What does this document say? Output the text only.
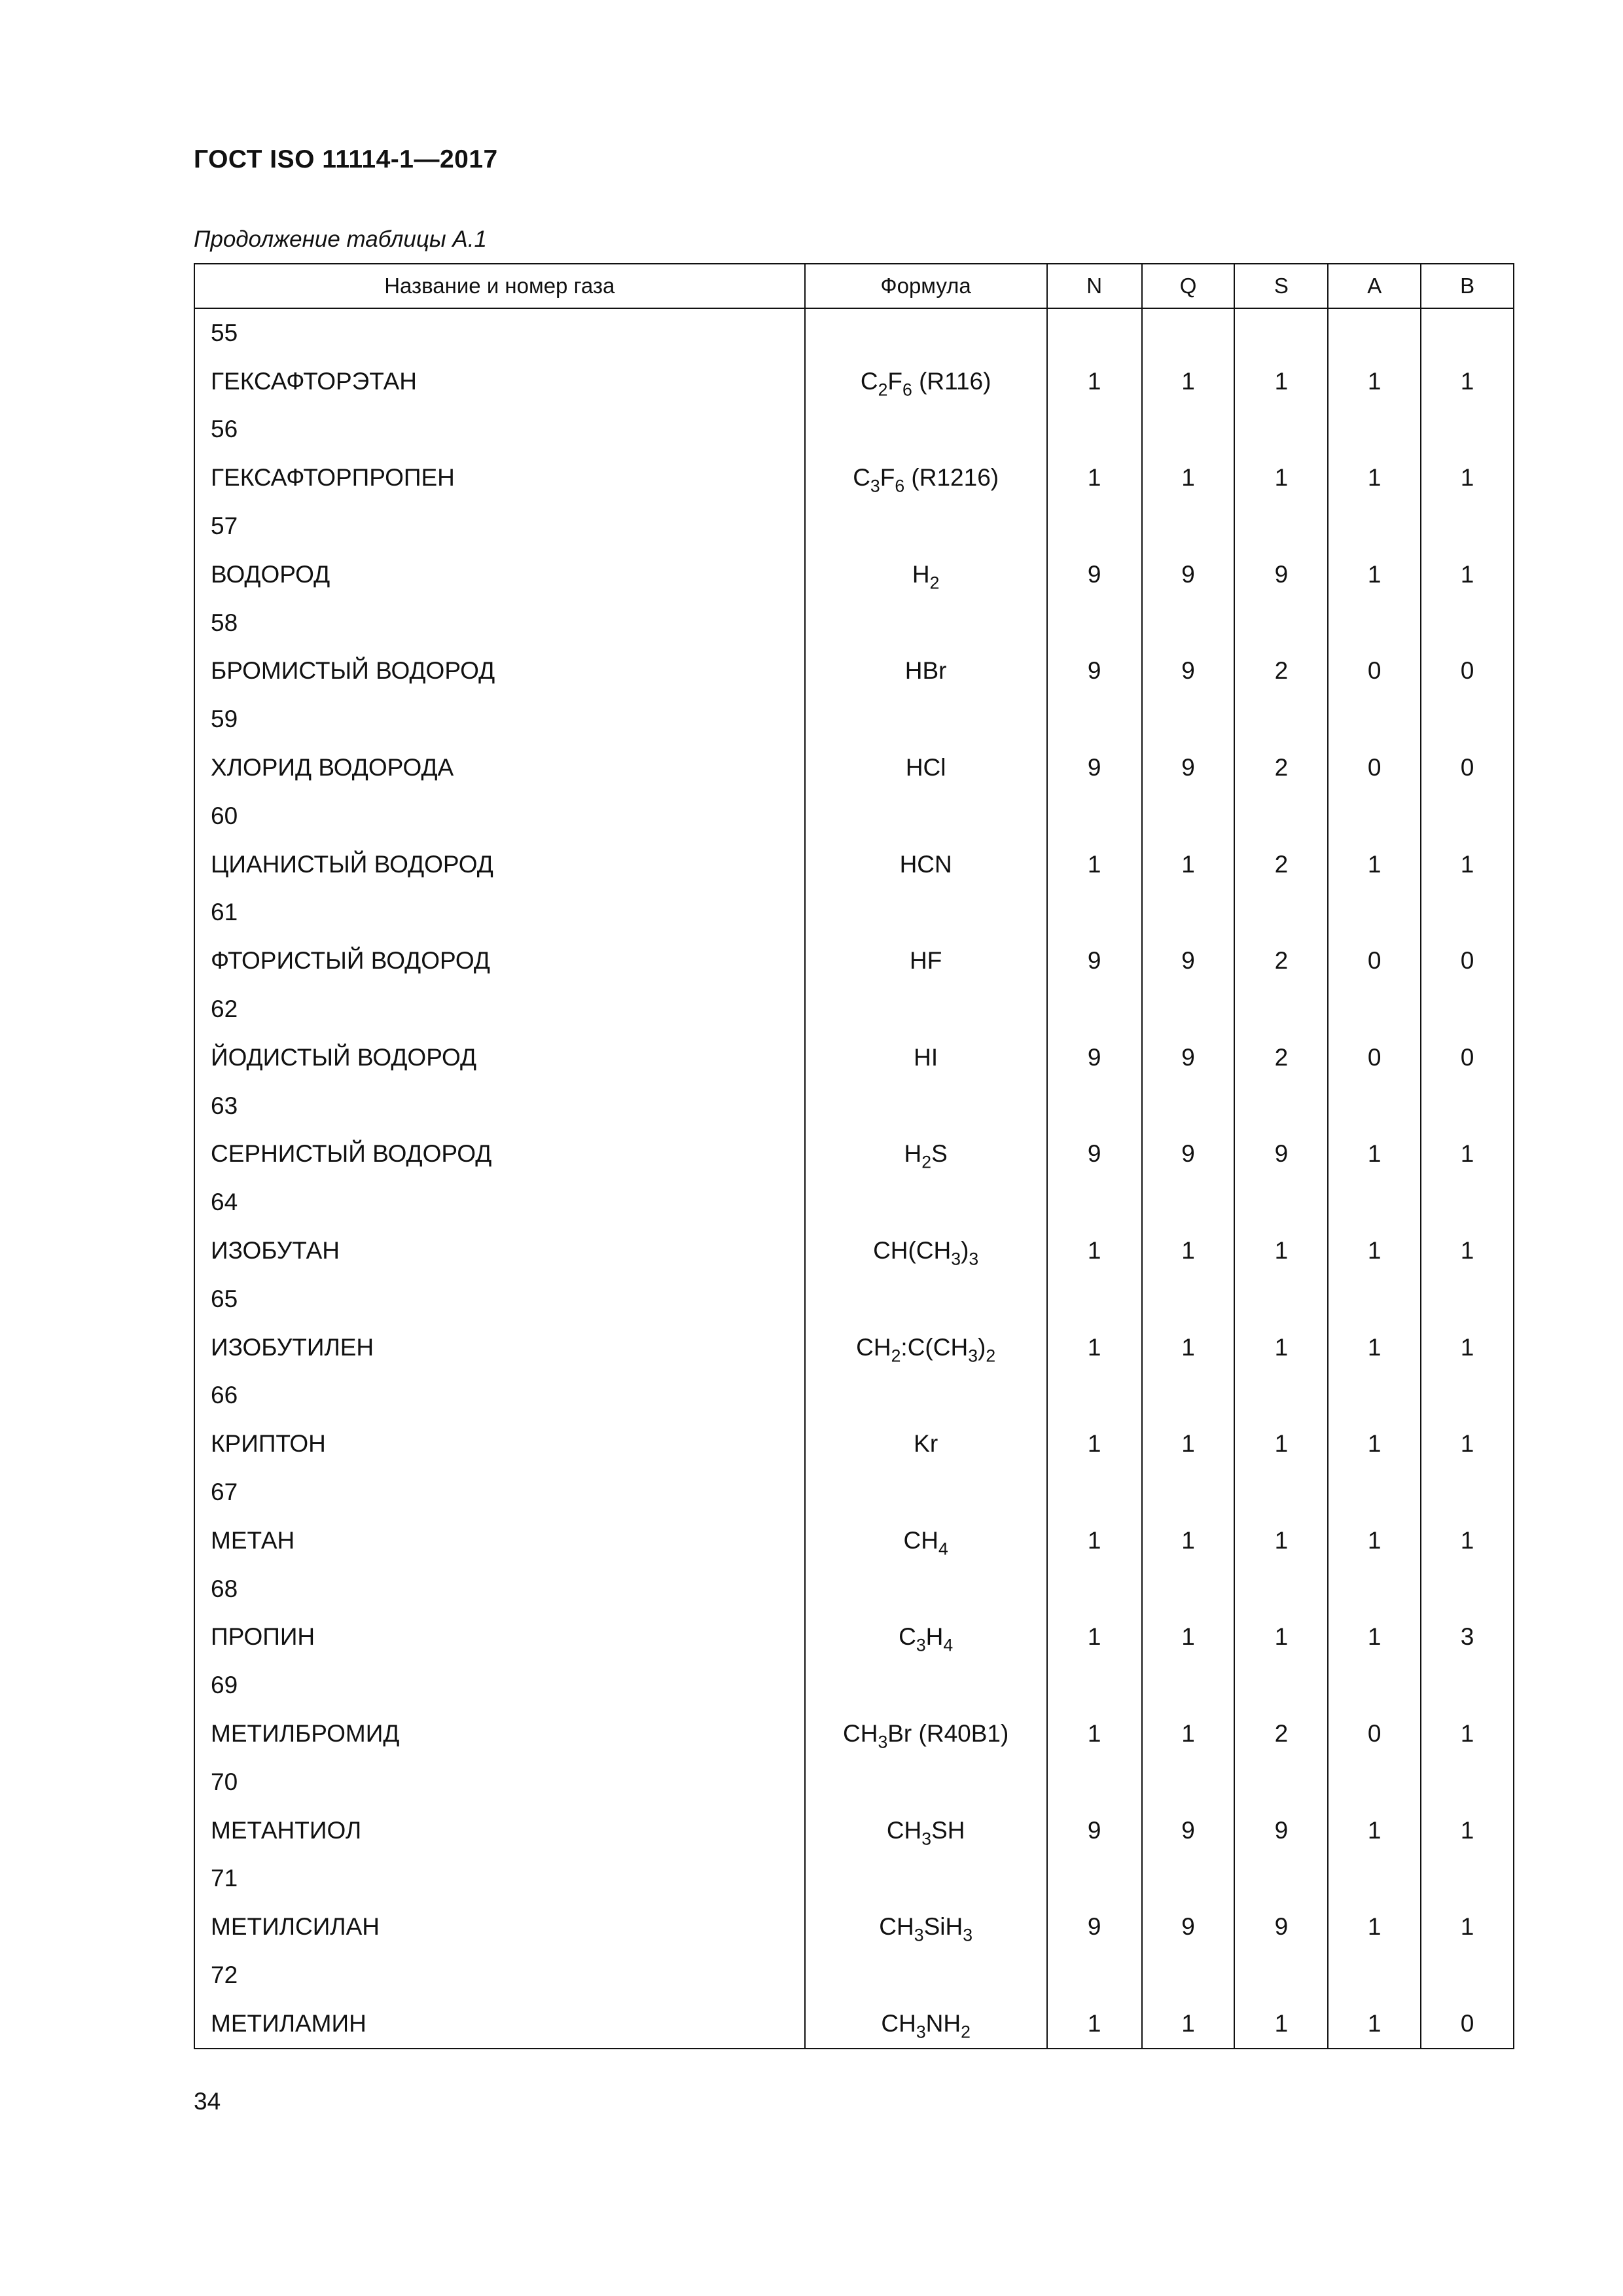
ГОСТ ISO 11114-1—2017
Продолжение таблицы А.1
Название и номер газа	Формула	N	Q	S	A	B
55						
ГЕКСАФТОРЭТАН	$C_2F_6$ (R116)	1	1	1	1	1
56						
ГЕКСАФТОРПРОПЕН	$C_3F_6$ (R1216)	1	1	1	1	1
57						
ВОДОРОД	$H_2$	9	9	9	1	1
58						
БРОМИСТЫЙ ВОДОРОД	HBr	9	9	2	0	0
59						
ХЛОРИД ВОДОРОДА	HCl	9	9	2	0	0
60						
ЦИАНИСТЫЙ ВОДОРОД	HCN	1	1	2	1	1
61						
ФТОРИСТЫЙ ВОДОРОД	HF	9	9	2	0	0
62						
ЙОДИСТЫЙ ВОДОРОД	HI	9	9	2	0	0
63						
СЕРНИСТЫЙ ВОДОРОД	$H_2S$	9	9	9	1	1
64						
ИЗОБУТАН	$CH(CH_3)_3$	1	1	1	1	1
65						
ИЗОБУТИЛЕН	$CH_2:C(CH_3)_2$	1	1	1	1	1
66						
КРИПТОН	Kr	1	1	1	1	1
67						
МЕТАН	$CH_4$	1	1	1	1	1
68						
ПРОПИН	$C_3H_4$	1	1	1	1	3
69						
МЕТИЛБРОМИД	$CH_3Br$ (R40B1)	1	1	2	0	1
70						
МЕТАНТИОЛ	$CH_3SH$	9	9	9	1	1
71						
МЕТИЛСИЛАН	$CH_3SiH_3$	9	9	9	1	1
72						
МЕТИЛАМИН	$CH_3NH_2$	1	1	1	1	0
34
